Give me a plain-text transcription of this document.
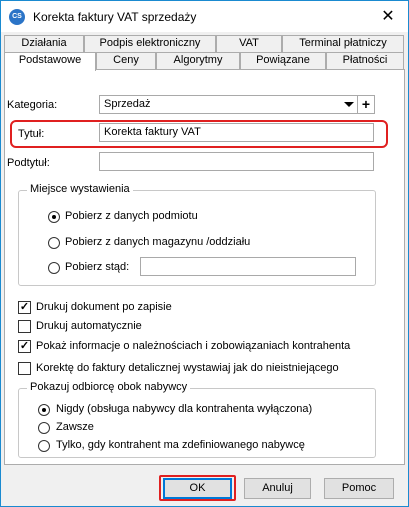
CS Korekta faktury VAT sprzedaży	✕
Działania	Podpis elektroniczny	VAT	Terminal płatniczy
Podstawowe	Ceny	Algorytmy	Powiązane	Płatności
Kategoria:	Sprzedaż	+
Tytuł:	Korekta faktury VAT
Podtytuł:
Miejsce wystawienia
Pobierz z danych podmiotu
Pobierz z danych magazynu /oddziału
Pobierz stąd:
✓ Drukuj dokument po zapisie
Drukuj automatycznie
✓ Pokaż informacje o należnościach i zobowiązaniach kontrahenta
Korektę do faktury detalicznej wystawiaj jak do nieistniejącego
Pokazuj odbiorcę obok nabywcy
Nigdy (obsługa nabywcy dla kontrahenta wyłączona)
Zawsze
Tylko, gdy kontrahent ma zdefiniowanego nabywcę
OK	Anuluj	Pomoc
